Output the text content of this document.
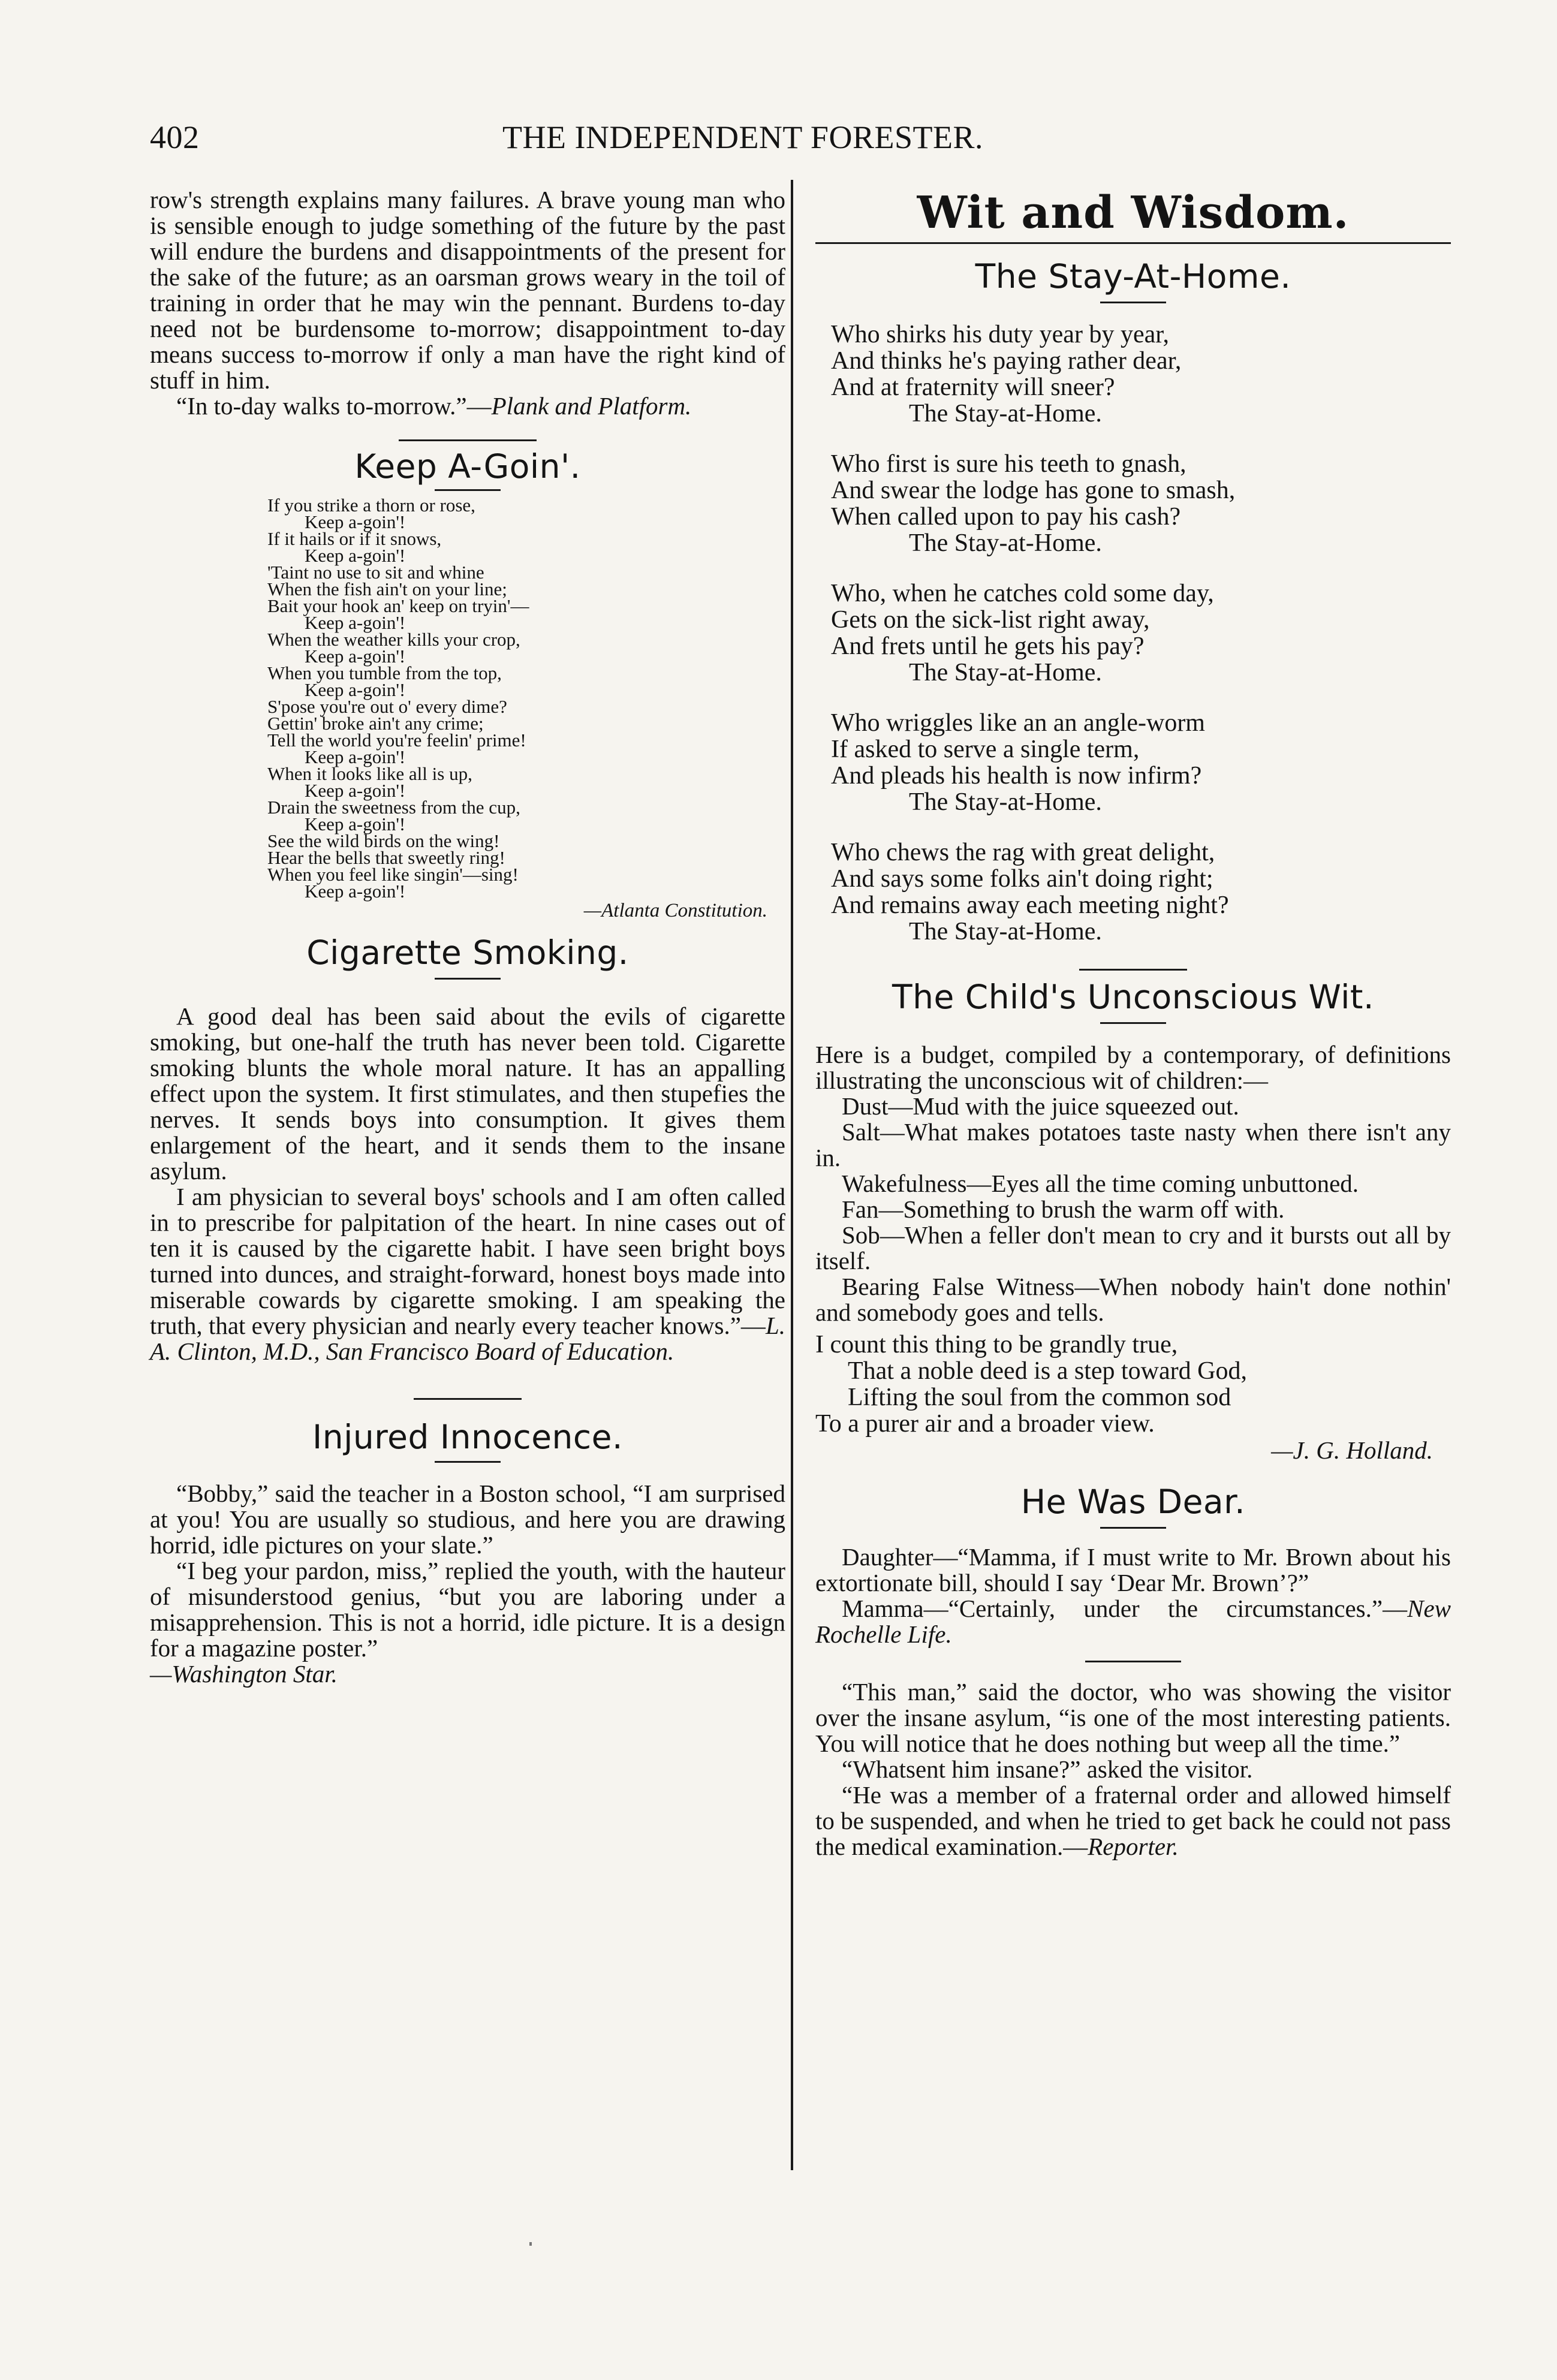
402	THE INDEPENDENT FORESTER.

row's strength explains many failures. A brave young man who is sensible enough to judge something of the future by the past will endure the burdens and disappointments of the present for the sake of the future; as an oarsman grows weary in the toil of training in order that he may win the pennant. Burdens to-day need not be burdensome to-morrow; disappointment to-day means success to-morrow if only a man have the right kind of stuff in him.

“In to-day walks to-morrow.”—Plank and Platform.

Keep A-Goin'.

If you strike a thorn or rose,

Keep a-goin'!

If it hails or if it snows,

Keep a-goin'!

'Taint no use to sit and whine

When the fish ain't on your line;

Bait your hook an' keep on tryin'—

Keep a-goin'!

When the weather kills your crop,

Keep a-goin'!

When you tumble from the top,

Keep a-goin'!

S'pose you're out o' every dime?

Gettin' broke ain't any crime;

Tell the world you're feelin' prime!

Keep a-goin'!

When it looks like all is up,

Keep a-goin'!

Drain the sweetness from the cup,

Keep a-goin'!

See the wild birds on the wing!

Hear the bells that sweetly ring!

When you feel like singin'—sing!

Keep a-goin'!

—Atlanta Constitution.

Cigarette Smoking.

A good deal has been said about the evils of cigarette smoking, but one-half the truth has never been told. Cigarette smoking blunts the whole moral nature. It has an appalling effect upon the system. It first stimulates, and then stupefies the nerves. It sends boys into consumption. It gives them enlargement of the heart, and it sends them to the insane asylum.

I am physician to several boys' schools and I am often called in to prescribe for palpitation of the heart. In nine cases out of ten it is caused by the cigarette habit. I have seen bright boys turned into dunces, and straight-forward, honest boys made into miserable cowards by cigarette smoking. I am speaking the truth, that every physician and nearly every teacher knows.”—L. A. Clinton, M.D., San Francisco Board of Education.

Injured Innocence.

“Bobby,” said the teacher in a Boston school, “I am surprised at you! You are usually so studious, and here you are drawing horrid, idle pictures on your slate.”

“I beg your pardon, miss,” replied the youth, with the hauteur of misunderstood genius, “but you are laboring under a misapprehension. This is not a horrid, idle picture. It is a design for a magazine poster.”

—Washington Star.

Wit and Wisdom.
The Stay-At-Home.

Who shirks his duty year by year,

And thinks he's paying rather dear,

And at fraternity will sneer?

The Stay-at-Home.

Who first is sure his teeth to gnash,

And swear the lodge has gone to smash,

When called upon to pay his cash?

The Stay-at-Home.

Who, when he catches cold some day,

Gets on the sick-list right away,

And frets until he gets his pay?

The Stay-at-Home.

Who wriggles like an an angle-worm

If asked to serve a single term,

And pleads his health is now infirm?

The Stay-at-Home.

Who chews the rag with great delight,

And says some folks ain't doing right;

And remains away each meeting night?

The Stay-at-Home.

The Child's Unconscious Wit.

Here is a budget, compiled by a contemporary, of definitions illustrating the unconscious wit of children:—

Dust—Mud with the juice squeezed out.

Salt—What makes potatoes taste nasty when there isn't any in.

Wakefulness—Eyes all the time coming unbuttoned.

Fan—Something to brush the warm off with.

Sob—When a feller don't mean to cry and it bursts out all by itself.

Bearing False Witness—When nobody hain't done nothin' and somebody goes and tells.

I count this thing to be grandly true,

That a noble deed is a step toward God,

Lifting the soul from the common sod

To a purer air and a broader view.

—J. G. Holland.

He Was Dear.

Daughter—“Mamma, if I must write to Mr. Brown about his extortionate bill, should I say ‘Dear Mr. Brown’?”

Mamma—“Certainly, under the circumstances.”—New Rochelle Life.

“This man,” said the doctor, who was showing the visitor over the insane asylum, “is one of the most interesting patients. You will notice that he does nothing but weep all the time.”

“Whatsent him insane?” asked the visitor.

“He was a member of a fraternal order and allowed himself to be suspended, and when he tried to get back he could not pass the medical examination.—Reporter.
